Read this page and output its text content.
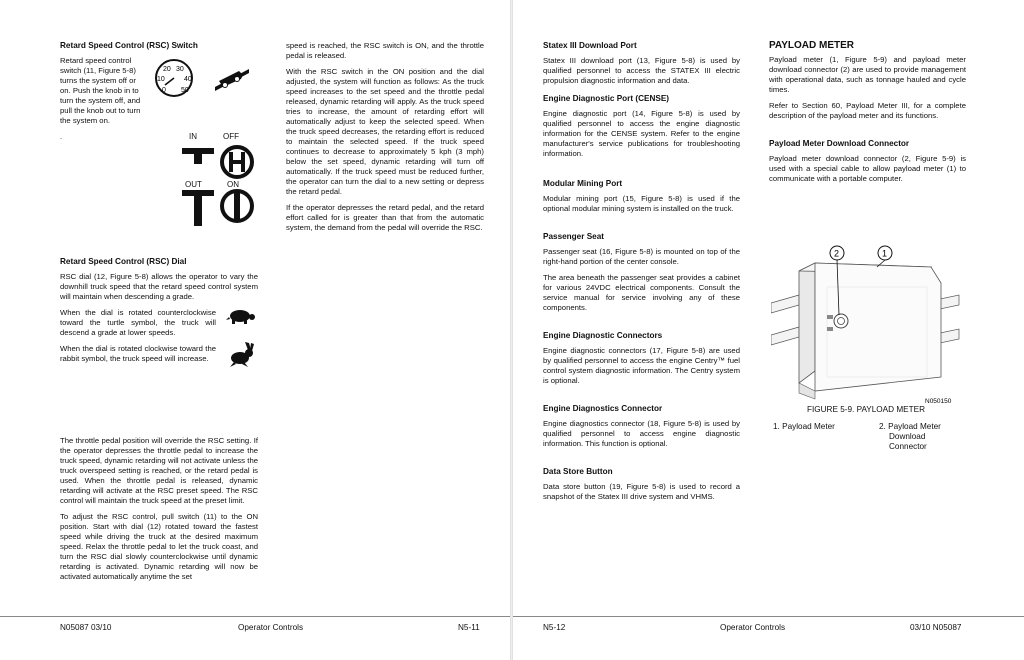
Retard Speed Control (RSC) Switch

Retard speed control switch (11, Figure 5-8) turns the system off or on. Push the knob in to turn the system off, and pull the knob out to turn the system on.

.

20 30
10	40
0 50
IN	OFF
OUT	ON
Retard Speed Control (RSC) Dial

RSC dial (12, Figure 5-8) allows the operator to vary the downhill truck speed that the retard speed control system will maintain when descending a grade.

When the dial is rotated counterclockwise toward the turtle symbol, the truck will descend a grade at lower speeds.

When the dial is rotated clockwise toward the rabbit symbol, the truck speed will increase.

The throttle pedal position will override the RSC setting. If the operator depresses the throttle pedal to increase the truck speed, dynamic retarding will not activate unless the truck overspeed setting is reached, or the retard pedal is used. When the throttle pedal is released, dynamic retarding will activate at the RSC preset speed. The RSC control will maintain the truck speed at the preset limit.

To adjust the RSC control, pull switch (11) to the ON position. Start with dial (12) rotated toward the fastest speed while driving the truck at the desired maximum speed. Relax the throttle pedal to let the truck coast, and turn the RSC dial slowly counterclockwise until dynamic retarding is activated. Dynamic retarding will now be activated automatically anytime the set

speed is reached, the RSC switch is ON, and the throttle pedal is released.

With the RSC switch in the ON position and the dial adjusted, the system will function as follows: As the truck speed increases to the set speed and the throttle pedal released, dynamic retarding will apply. As the truck speed tries to increase, the amount of retarding effort will automatically adjust to keep the selected speed. When the truck speed decreases, the retarding effort is reduced to maintain the selected speed. If the truck speed continues to decrease to approximately 5 kph (3 mph) below the set speed, dynamic retarding will turn off automatically. If the truck speed must be reduced further, the operator can turn the dial to a new setting or depress the retard pedal.

If the operator depresses the retard pedal, and the retard effort called for is greater than that from the automatic system, the demand from the pedal will override the RSC.

N05087 03/10	Operator Controls	N5-11
Statex III Download Port

Statex III download port (13, Figure 5-8) is used by qualified personnel to access the STATEX III electric propulsion diagnostic information and data.

Engine Diagnostic Port (CENSE)

Engine diagnostic port (14, Figure 5-8) is used by qualified personnel to access the engine diagnostic information for the CENSE system. Refer to the engine manufacturer's service publications for troubleshooting information.

Modular Mining Port

Modular mining port (15, Figure 5-8) is used if the optional modular mining system is installed on the truck.

Passenger Seat

Passenger seat (16, Figure 5-8) is mounted on top of the right-hand portion of the center console.

The area beneath the passenger seat provides a cabinet for various 24VDC electrical components. Consult the service manual for service involving any of these components.

Engine Diagnostic Connectors

Engine diagnostic connectors (17, Figure 5-8) are used by qualified personnel to access the engine Centry™ fuel control system diagnostic information. The Centry system is optional.

Engine Diagnostics Connector

Engine diagnostics connector (18, Figure 5-8) is used by qualified personnel to access engine diagnostic information. This function is optional.

Data Store Button

Data store button (19, Figure 5-8) is used to record a snapshot of the Statex III drive system and VHMS.

PAYLOAD METER

Payload meter (1, Figure 5-9) and payload meter download connector (2) are used to provide management with operational data, such as tonnage hauled and cycle times.

Refer to Section 60, Payload Meter III, for a complete description of the payload meter and its functions.

Payload Meter Download Connector

Payload meter download connector (2, Figure 5-9) is used with a special cable to allow payload meter (1) to communicate with a portable computer.

2	1
N050150
FIGURE 5-9. PAYLOAD METER
1. Payload Meter	2. Payload Meter
Download
Connector
N5-12	Operator Controls	03/10 N05087
